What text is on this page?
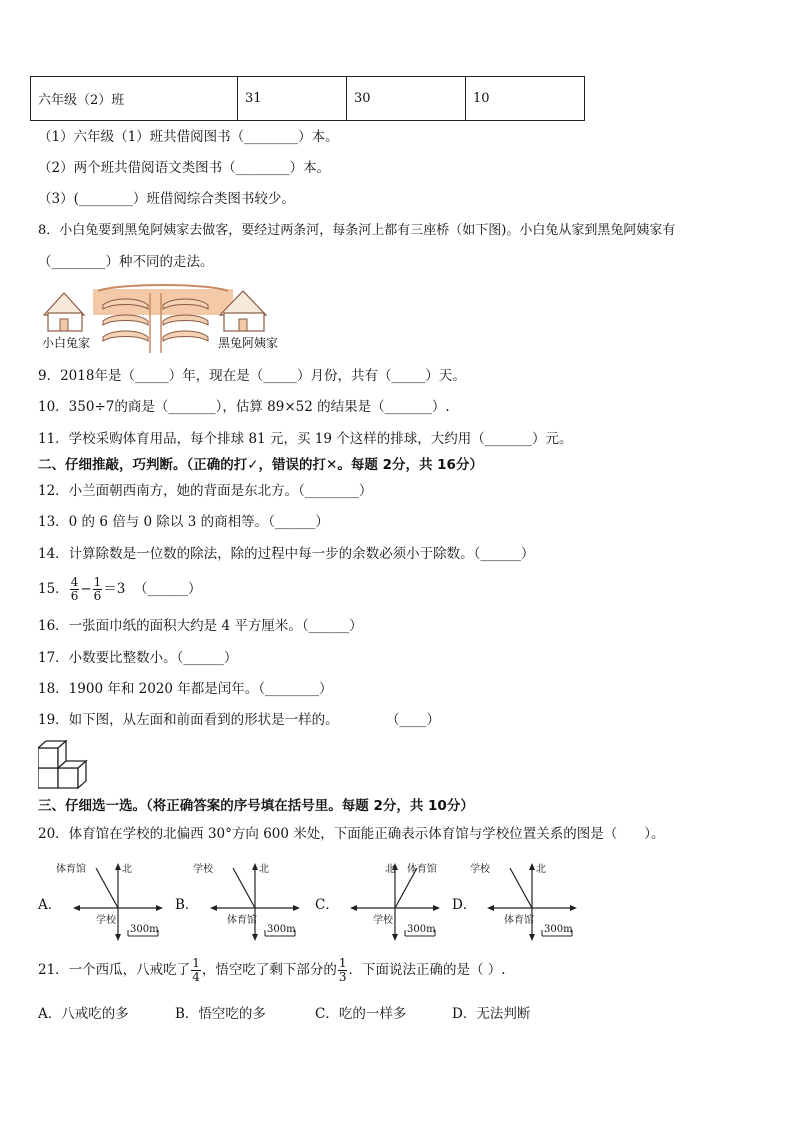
六年级（2）班	31	30	10
（1）六年级（1）班共借阅图书（________）本。
（2）两个班共借阅语文类图书（________）本。
（3）(________）班借阅综合类图书较少。
8．小白兔要到黑兔阿姨家去做客，要经过两条河，每条河上都有三座桥（如下图)。小白兔从家到黑兔阿姨家有
（________）种不同的走法。
小白兔家	黑兔阿姨家
9．2018年是（_____）年，现在是（_____）月份，共有（_____）天。
10．350÷7的商是（_______），估算 89×52 的结果是（_______）.
11．学校采购体育用品，每个排球 81 元，买 19 个这样的排球，大约用（_______）元。
二、仔细推敲，巧判断。（正确的打✓，错误的打✕。每题 2分，共 16分）
12．小兰面朝西南方，她的背面是东北方。（________）
13．0 的 6 倍与 0 除以 3 的商相等。（______）
14．计算除数是一位数的除法，除的过程中每一步的余数必须小于除数。（______）
15． $\frac{4}{6} - \frac{1}{6} =3$ （______）
16．一张面巾纸的面积大约是 4 平方厘米。（______）
17．小数要比整数小。（______）
18．1900 年和 2020 年都是闰年。（________）
19．如下图，从左面和前面看到的形状是一样的。	（____）
三、仔细选一选。（将正确答案的序号填在括号里。每题 2分，共 10分）
20．体育馆在学校的北偏西 30°方向 600 米处，下面能正确表示体育馆与学校位置关系的图是（　　）。
A．
体育馆	北
学校
300m
B．
学校	北
体育馆
300m
C．
北 体育馆
学校
300m
D．
学校	北
体育馆
300m
21．一个西瓜，八戒吃了 $\frac{1}{4}$ ，悟空吃了剩下部分的 $\frac{1}{3}$ ．下面说法正确的是（ ）.
A．八戒吃的多	B．悟空吃的多	C．吃的一样多	D．无法判断
